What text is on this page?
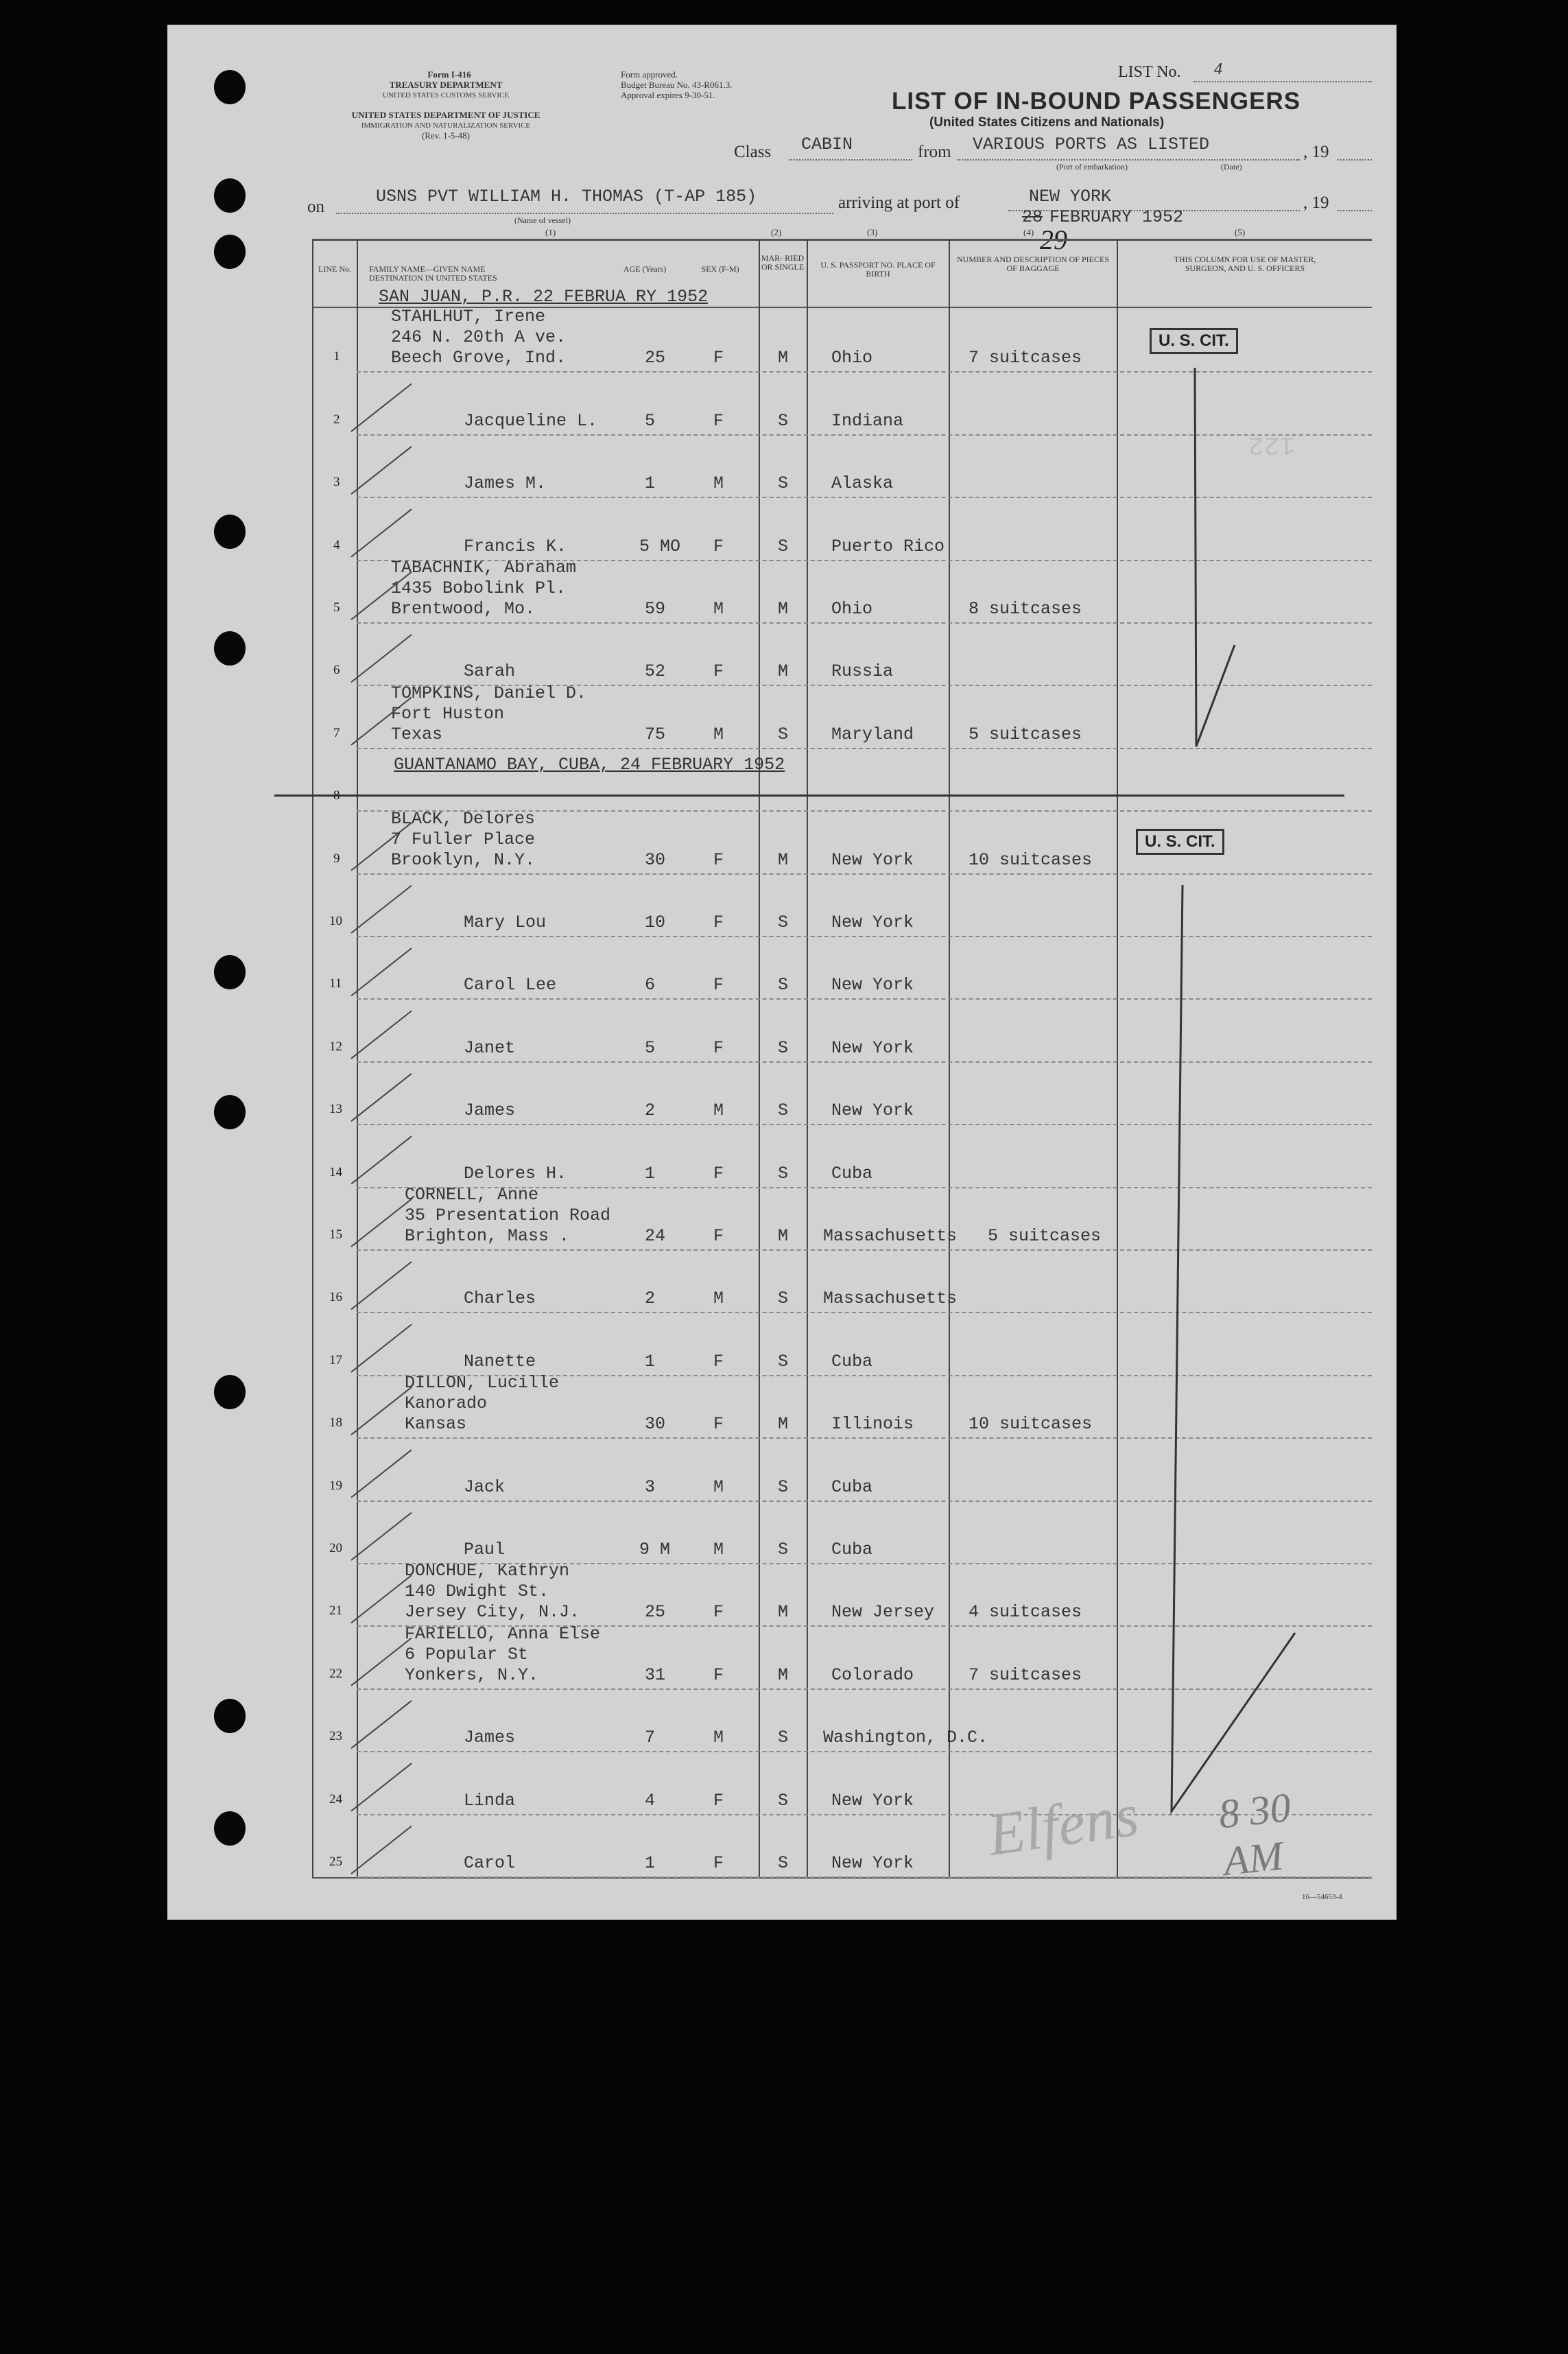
Form I-416
TREASURY DEPARTMENT
UNITED STATES CUSTOMS SERVICE
UNITED STATES DEPARTMENT OF JUSTICE
IMMIGRATION AND NATURALIZATION SERVICE
(Rev. 1-5-48)
Form approved.
Budget Bureau No. 43-R061.3.
Approval expires 9-30-51.
LIST No. 4
LIST OF IN-BOUND PASSENGERS
(United States Citizens and Nationals)
Class CABIN	from VARIOUS PORTS AS LISTED	, 19
(Port of embarkation)	(Date)
on
USNS PVT WILLIAM H. THOMAS (T-AP 185)	arriving at port of	NEW YORK
28
29
FEBRUARY 1952
, 19
(Name of vessel)
(1)	(2)	(3)	(4)	(5)
LINE No.	FAMILY NAME—GIVEN NAME DESTINATION IN UNITED STATES
AGE (Years)	SEX (F-M)
MAR- RIED OR SINGLE	U. S. PASSPORT NO. PLACE OF BIRTH
NUMBER AND DESCRIPTION OF PIECES OF BAGGAGE
THIS COLUMN FOR USE OF MASTER, SURGEON, AND U. S. OFFICERS
SAN JUAN, P.R. 22 FEBRUA RY 1952
GUANTANAMO BAY, CUBA, 24 FEBRUARY 1952
U. S. CIT.
U. S. CIT.
122
1
STAHLHUT, Irene
246 N. 20th A ve.
Beech Grove, Ind.	25	F	M	Ohio	7 suitcases
2	Jacqueline L.	5	F	S	Indiana
3	James M.	1	M	S	Alaska
4	Francis K.	5 MO F	S	Puerto Rico
5
TABACHNIK, Abraham
1435 Bobolink Pl.
Brentwood, Mo.	59	M	M	Ohio	8 suitcases
6	Sarah	52	F	M	Russia
7
TOMPKINS, Daniel D.
Fort Huston
Texas	75	M	S	Maryland	5 suitcases
8
9
BLACK, Delores
7 Fuller Place
Brooklyn, N.Y.	30	F	M	New York	10 suitcases
10	Mary Lou	10	F	S	New York
11	Carol Lee	6	F	S	New York
12	Janet	5	F	S	New York
13	James	2	M	S	New York
14	Delores H.	1	F	S	Cuba
15
CORNELL, Anne
35 Presentation Road
Brighton, Mass .	24	F	M Massachusetts 5 suitcases
16	Charles	2	M	S Massachusetts
17	Nanette	1	F	S	Cuba
18
DILLON, Lucille
Kanorado
Kansas	30	F	M	Illinois	10 suitcases
19	Jack	3	M	S	Cuba
20	Paul	9 M	M	S	Cuba
21
DONCHUE, Kathryn
140 Dwight St.
Jersey City, N.J.	25	F	M	New Jersey 4 suitcases
22
FARIELLO, Anna Else
6 Popular St
Yonkers, N.Y.	31	F	M	Colorado	7 suitcases
23	James	7	M	S Washington, D.C.
24	Linda	4	F	S	New York
25	Carol	1	F	S	New York Elfens 8 30 AM
16—54653-4
